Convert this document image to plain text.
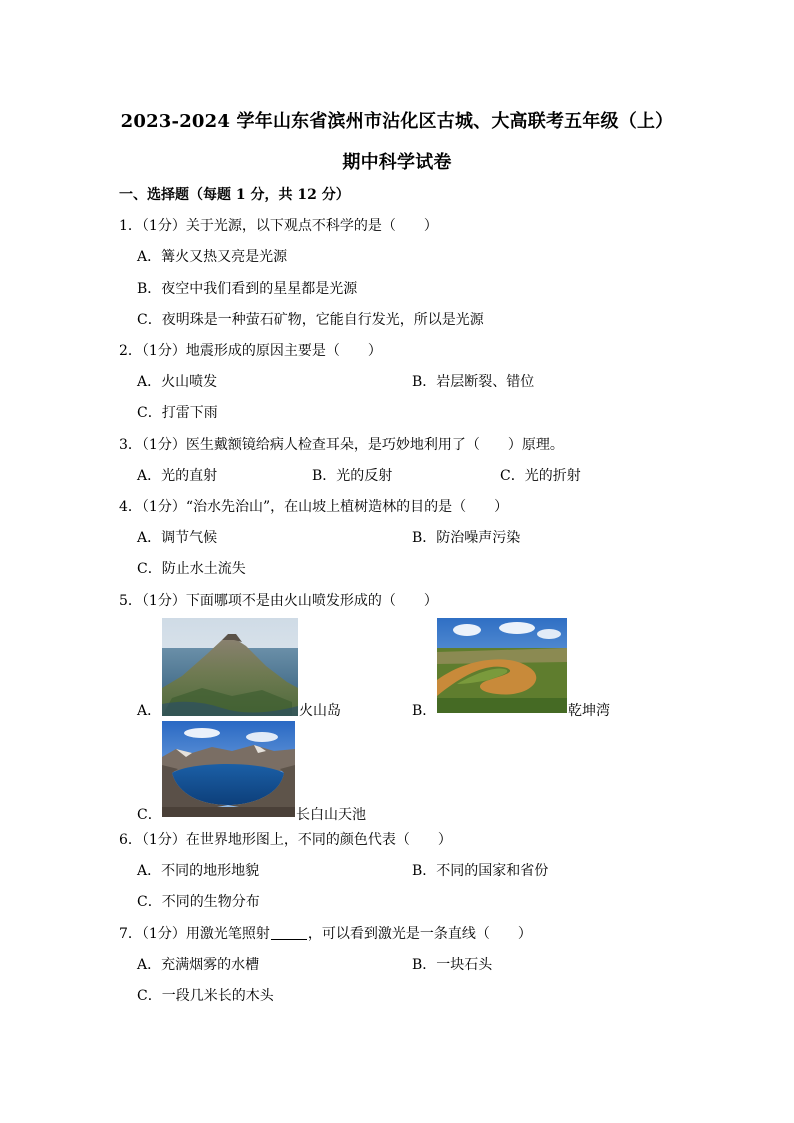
2023-2024 学年山东省滨州市沾化区古城、大高联考五年级（上）
期中科学试卷
一、选择题（每题 1 分，共 12 分）
1．（1分）关于光源，以下观点不科学的是（　　）
A．篝火又热又亮是光源
B．夜空中我们看到的星星都是光源
C．夜明珠是一种萤石矿物，它能自行发光，所以是光源
2．（1分）地震形成的原因主要是（　　）
A．火山喷发	B．岩层断裂、错位
C．打雷下雨
3．（1分）医生戴额镜给病人检查耳朵，是巧妙地利用了（　　）原理。
A．光的直射	B．光的反射	C．光的折射
4．（1分）“治水先治山”，在山坡上植树造林的目的是（　　）
A．调节气候	B．防治噪声污染
C．防止水土流失
5．（1分）下面哪项不是由火山喷发形成的（　　）
A．	火山岛	B．	乾坤湾
C．	长白山天池
6．（1分）在世界地形图上，不同的颜色代表（　　）
A．不同的地形地貌	B．不同的国家和省份
C．不同的生物分布
7．（1分）用激光笔照射	，可以看到激光是一条直线（　　）
A．充满烟雾的水槽	B．一块石头
C．一段几米长的木头
